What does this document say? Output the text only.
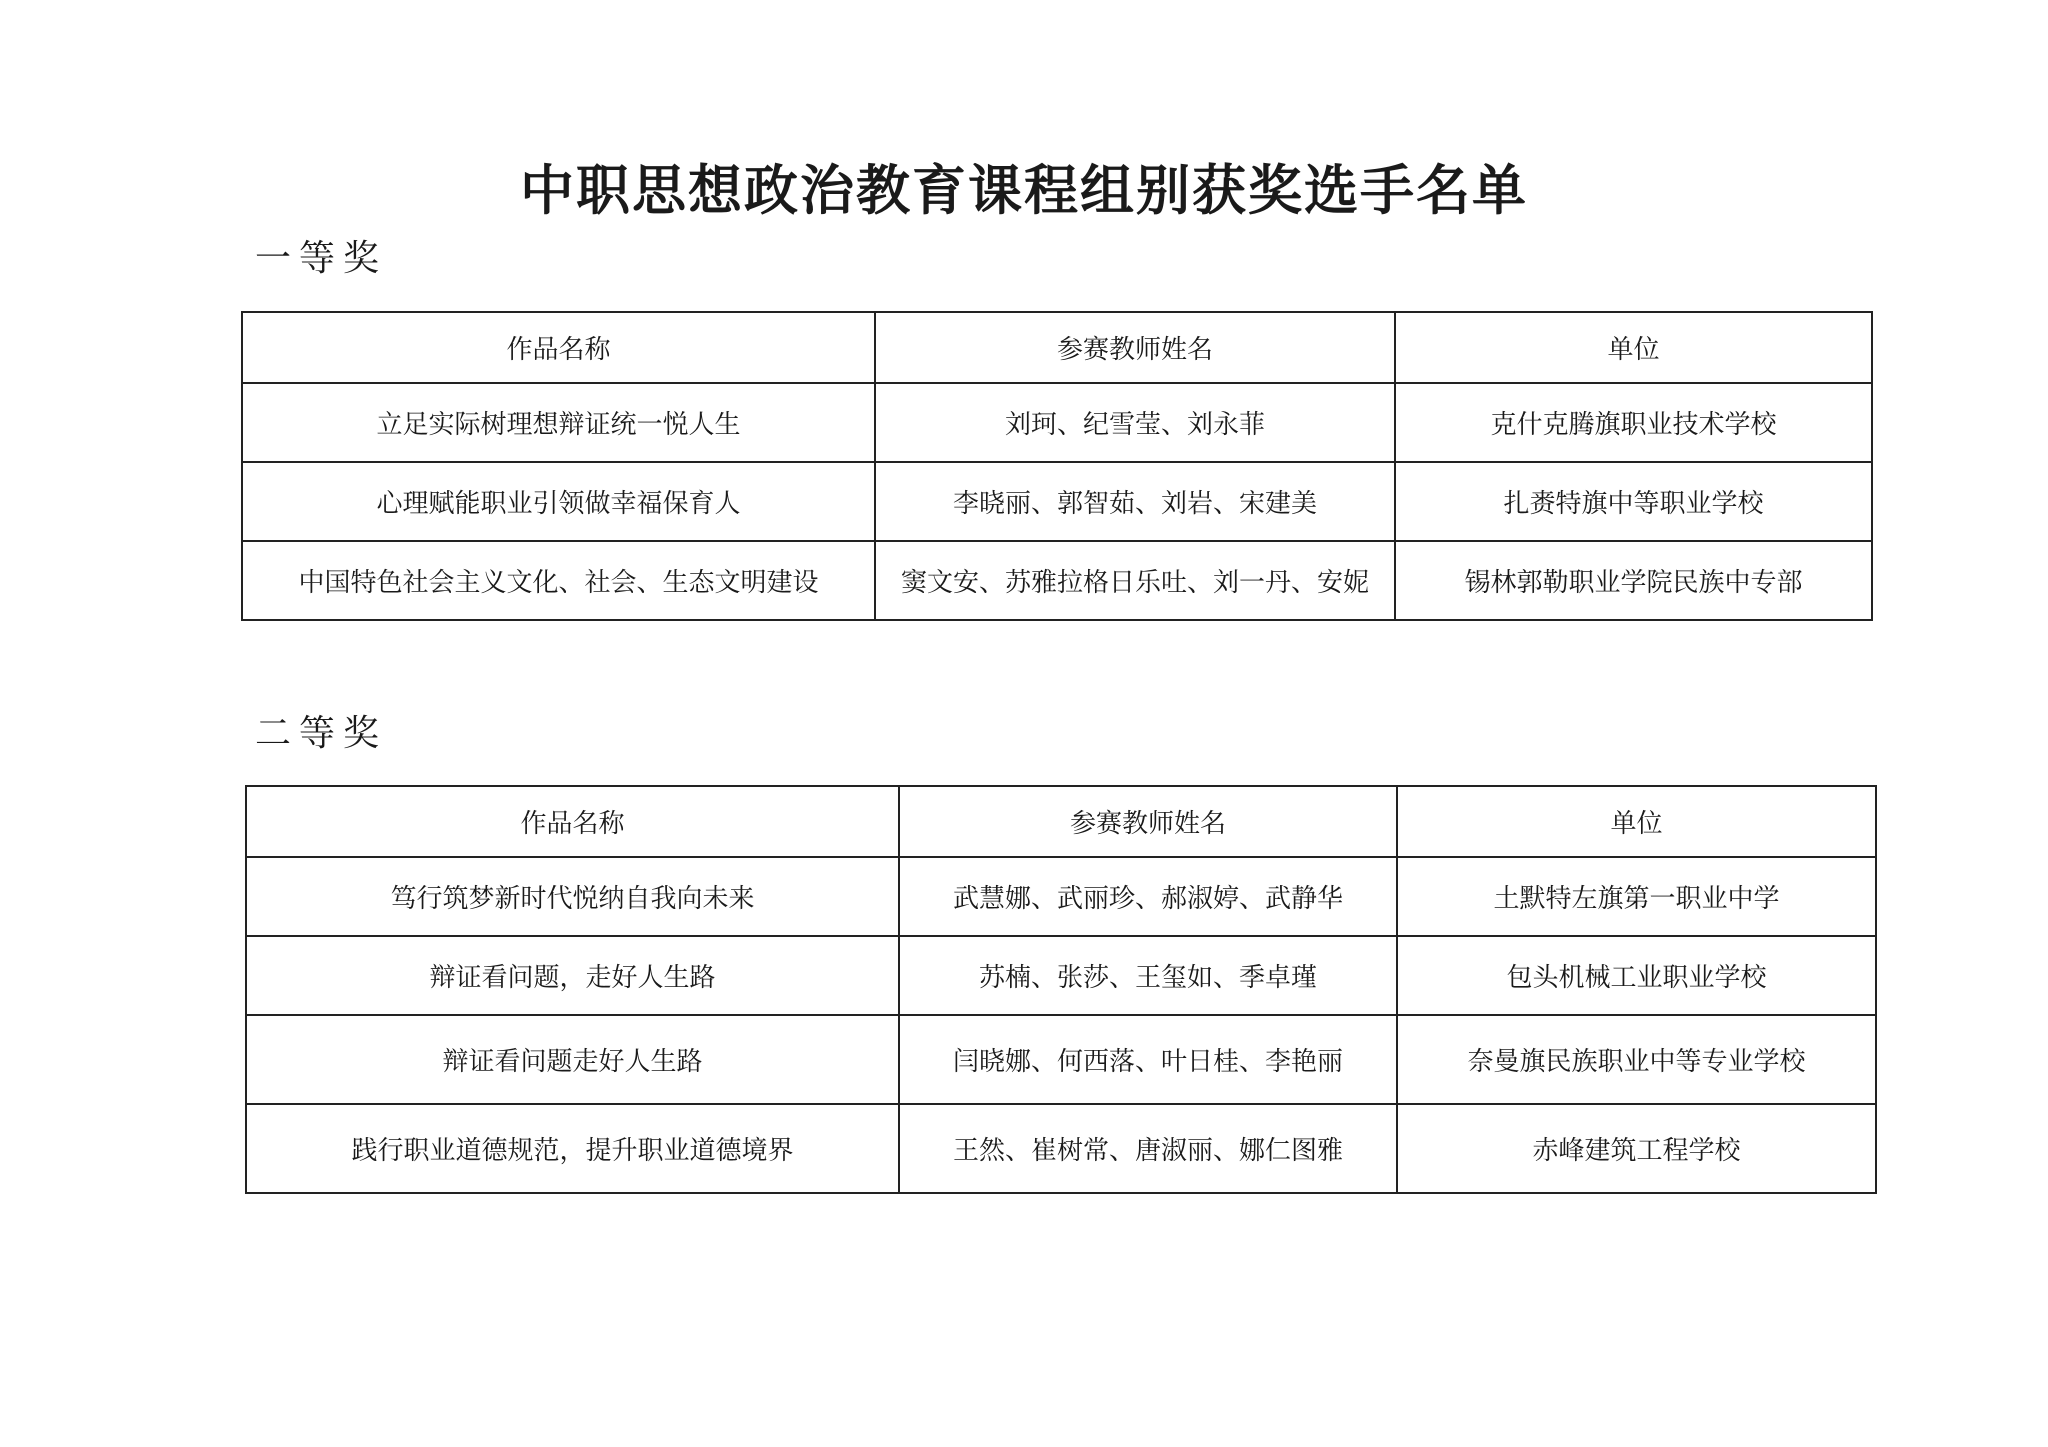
中职思想政治教育课程组别获奖选手名单
一等奖
作品名称	参赛教师姓名	单位
立足实际树理想辩证统一悦人生	刘珂、纪雪莹、刘永菲	克什克腾旗职业技术学校
心理赋能职业引领做幸福保育人	李晓丽、郭智茹、刘岩、宋建美	扎赉特旗中等职业学校
中国特色社会主义文化、社会、生态文明建设	窦文安、苏雅拉格日乐吐、刘一丹、安妮	锡林郭勒职业学院民族中专部
二等奖
作品名称	参赛教师姓名	单位
笃行筑梦新时代悦纳自我向未来	武慧娜、武丽珍、郝淑婷、武静华	土默特左旗第一职业中学
辩证看问题，走好人生路	苏楠、张莎、王玺如、季卓瑾	包头机械工业职业学校
辩证看问题走好人生路	闫晓娜、何西落、叶日桂、李艳丽	奈曼旗民族职业中等专业学校
践行职业道德规范，提升职业道德境界	王然、崔树常、唐淑丽、娜仁图雅	赤峰建筑工程学校
